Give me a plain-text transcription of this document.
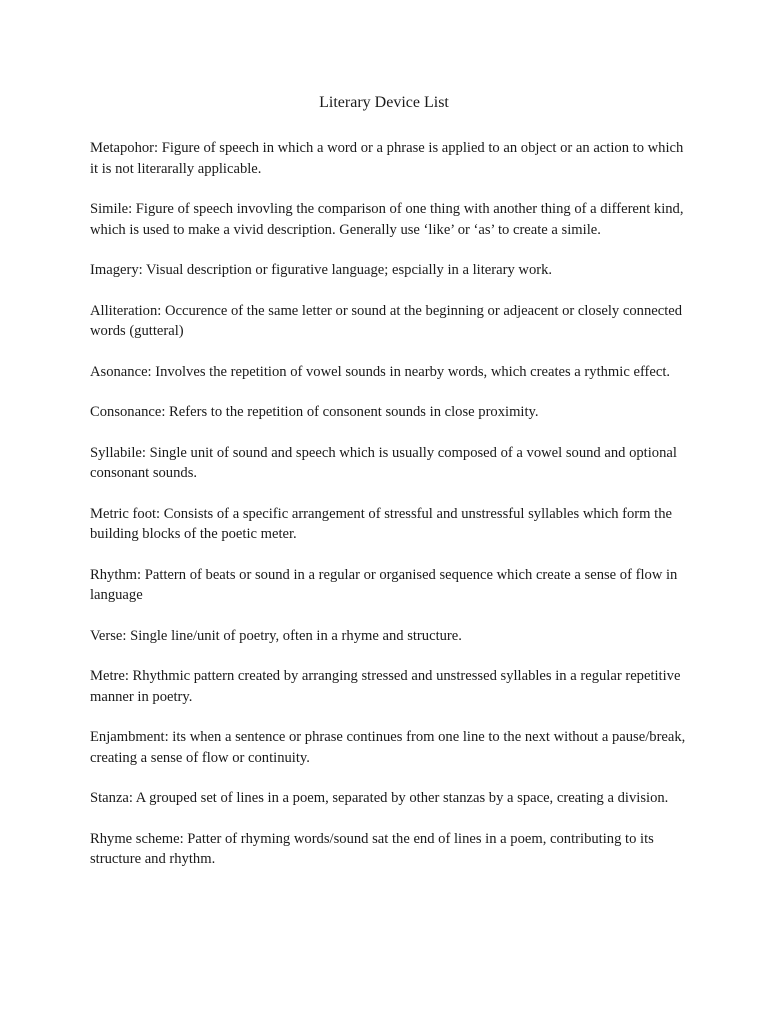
Literary Device List
Metapohor: Figure of speech in which a word or a phrase is applied to an object or an action to which it is not literarally applicable.
Simile: Figure of speech invovling the comparison of one thing with another thing of a different kind, which is used to make a vivid description. Generally use ‘like’ or ‘as’ to create a simile.
Imagery: Visual description or figurative language; espcially in a literary work.
Alliteration: Occurence of the same letter or sound at the beginning or adjeacent or closely connected words (gutteral)
Asonance: Involves the repetition of vowel sounds in nearby words, which creates a rythmic effect.
Consonance: Refers to the repetition of consonent sounds in close proximity.
Syllabile: Single unit of sound and speech which is usually composed of a vowel sound and optional consonant sounds.
Metric foot: Consists of a specific arrangement of stressful and unstressful syllables which form the building blocks of the poetic meter.
Rhythm: Pattern of beats or sound in a regular or organised sequence which create a sense of flow in language
Verse: Single line/unit of poetry, often in a rhyme and structure.
Metre: Rhythmic pattern created by arranging stressed and unstressed syllables in a regular repetitive manner in poetry.
Enjambment: its when a sentence or phrase continues from one line to the next without a pause/break, creating a sense of flow or continuity.
Stanza: A grouped set of lines in a poem, separated by other stanzas by a space, creating a division.
Rhyme scheme: Patter of rhyming words/sound sat the end of lines in a poem, contributing to its structure and rhythm.
